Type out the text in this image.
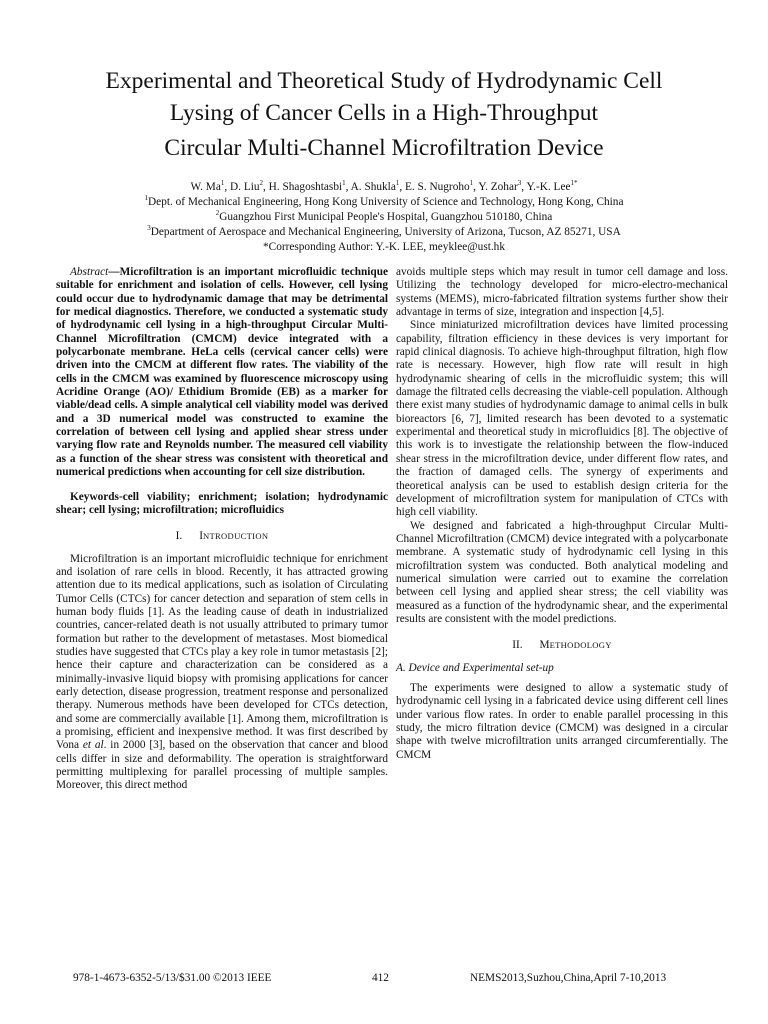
Experimental and Theoretical Study of Hydrodynamic Cell
Lysing of Cancer Cells in a High-Throughput
Circular Multi-Channel Microfiltration Device
W. Ma$^1$, D. Liu$^2$, H. Shagoshtasbi$^1$, A. Shukla$^1$, E. S. Nugroho$^1$, Y. Zohar$^3$, Y.-K. Lee$^{1*}$
$^1$Dept. of Mechanical Engineering, Hong Kong University of Science and Technology, Hong Kong, China
$^2$Guangzhou First Municipal People's Hospital, Guangzhou 510180, China
$^3$Department of Aerospace and Mechanical Engineering, University of Arizona, Tucson, AZ 85271, USA
*Corresponding Author: Y.-K. LEE, meyklee@ust.hk

Abstract—Microfiltration is an important microfluidic technique suitable for enrichment and isolation of cells. However, cell lysing could occur due to hydrodynamic damage that may be detrimental for medical diagnostics. Therefore, we conducted a systematic study of hydrodynamic cell lysing in a high-throughput Circular Multi-Channel Microfiltration (CMCM) device integrated with a polycarbonate membrane. HeLa cells (cervical cancer cells) were driven into the CMCM at different flow rates. The viability of the cells in the CMCM was examined by fluorescence microscopy using Acridine Orange (AO)/ Ethidium Bromide (EB) as a marker for viable/dead cells. A simple analytical cell viability model was derived and a 3D numerical model was constructed to examine the correlation of between cell lysing and applied shear stress under varying flow rate and Reynolds number. The measured cell viability as a function of the shear stress was consistent with theoretical and numerical predictions when accounting for cell size distribution.

Keywords-cell viability; enrichment; isolation; hydrodynamic shear; cell lysing; microfiltration; microfluidics

I. INTRODUCTION

Microfiltration is an important microfluidic technique for enrichment and isolation of rare cells in blood. Recently, it has attracted growing attention due to its medical applications, such as isolation of Circulating Tumor Cells (CTCs) for cancer detection and separation of stem cells in human body fluids [1]. As the leading cause of death in industrialized countries, cancer-related death is not usually attributed to primary tumor formation but rather to the development of metastases. Most biomedical studies have suggested that CTCs play a key role in tumor metastasis [2]; hence their capture and characterization can be considered as a minimally-invasive liquid biopsy with promising applications for cancer early detection, disease progression, treatment response and personalized therapy. Numerous methods have been developed for CTCs detection, and some are commercially available [1]. Among them, microfiltration is a promising, efficient and inexpensive method. It was first described by Vona et al. in 2000 [3], based on the observation that cancer and blood cells differ in size and deformability. The operation is straightforward permitting multiplexing for parallel processing of multiple samples. Moreover, this direct method

avoids multiple steps which may result in tumor cell damage and loss. Utilizing the technology developed for micro-electro-mechanical systems (MEMS), micro-fabricated filtration systems further show their advantage in terms of size, integration and inspection [4,5].

Since miniaturized microfiltration devices have limited processing capability, filtration efficiency in these devices is very important for rapid clinical diagnosis. To achieve high-throughput filtration, high flow rate is necessary. However, high flow rate will result in high hydrodynamic shearing of cells in the microfluidic system; this will damage the filtrated cells decreasing the viable-cell population. Although there exist many studies of hydrodynamic damage to animal cells in bulk bioreactors [6, 7], limited research has been devoted to a systematic experimental and theoretical study in microfluidics [8]. The objective of this work is to investigate the relationship between the flow-induced shear stress in the microfiltration device, under different flow rates, and the fraction of damaged cells. The synergy of experiments and theoretical analysis can be used to establish design criteria for the development of microfiltration system for manipulation of CTCs with high cell viability.

We designed and fabricated a high-throughput Circular Multi-Channel Microfiltration (CMCM) device integrated with a polycarbonate membrane. A systematic study of hydrodynamic cell lysing in this microfiltration system was conducted. Both analytical modeling and numerical simulation were carried out to examine the correlation between cell lysing and applied shear stress; the cell viability was measured as a function of the hydrodynamic shear, and the experimental results are consistent with the model predictions.

II. METHODOLOGY
A. Device and Experimental set-up

The experiments were designed to allow a systematic study of hydrodynamic cell lysing in a fabricated device using different cell lines under various flow rates. In order to enable parallel processing in this study, the micro filtration device (CMCM) was designed in a circular shape with twelve microfiltration units arranged circumferentially. The CMCM

978-1-4673-6352-5/13/$31.00 ©2013 IEEE	412	NEMS2013,Suzhou,China,April 7-10,2013
